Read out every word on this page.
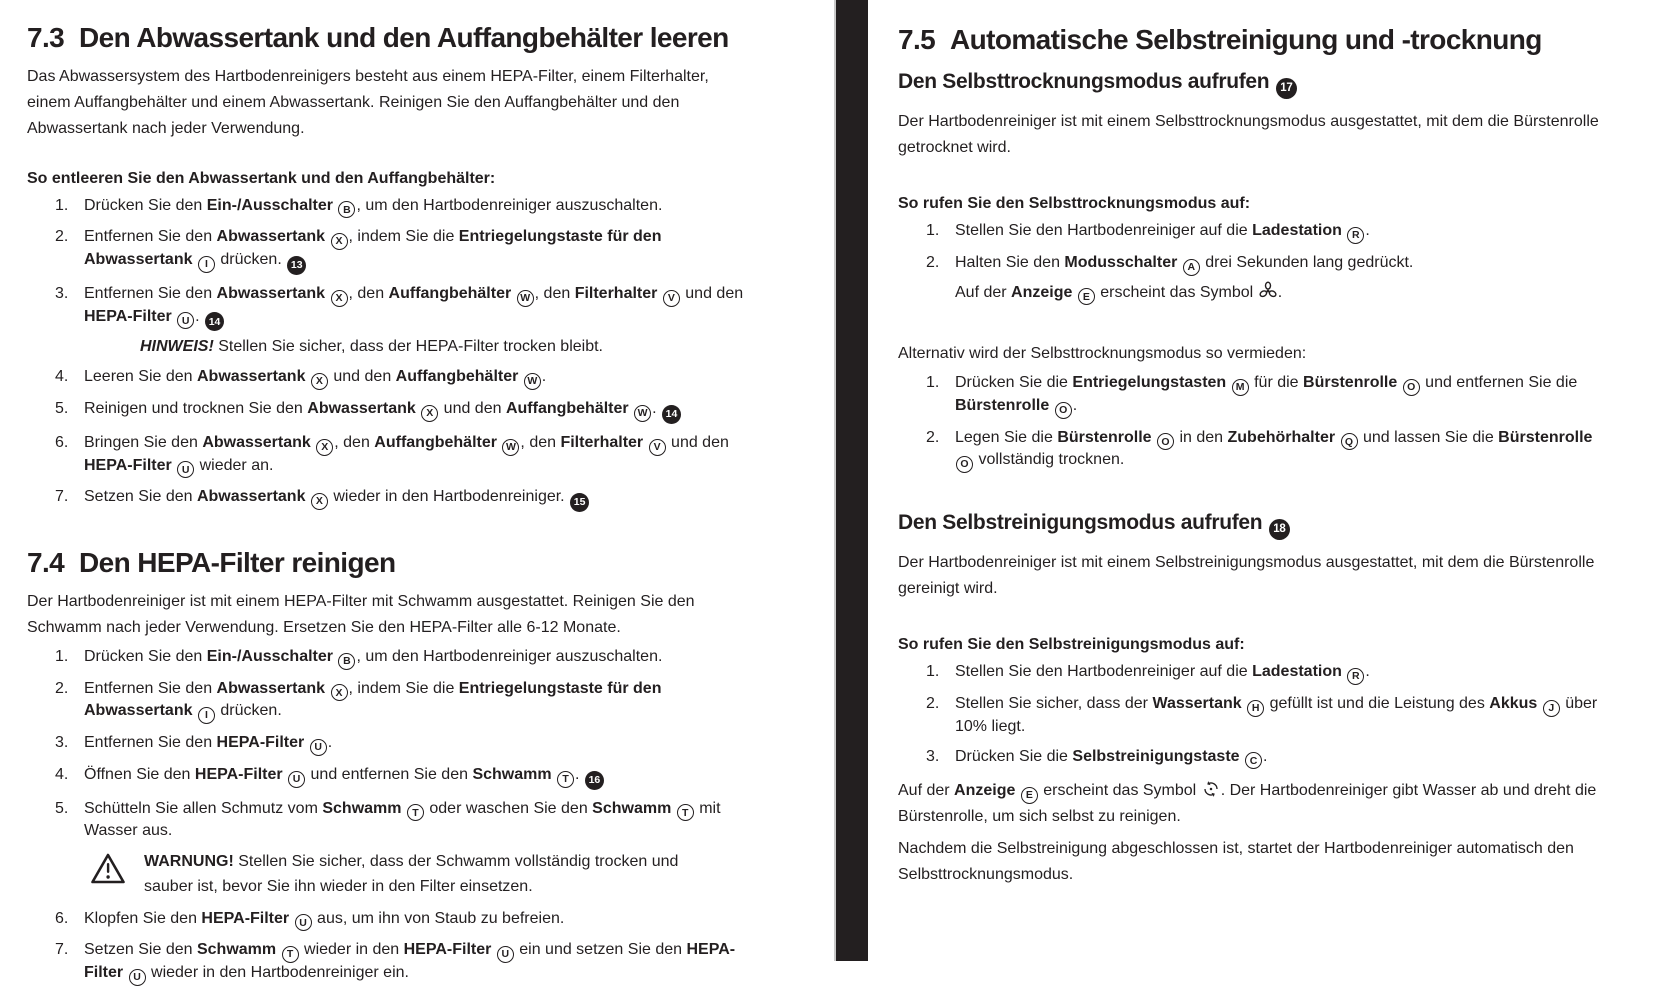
7.3 Den Abwassertank und den Auffangbehälter leeren

Das Abwassersystem des Hartbodenreinigers besteht aus einem HEPA-Filter, einem Filterhalter, einem Auffangbehälter und einem Abwassertank. Reinigen Sie den Auffangbehälter und den Abwassertank nach jeder Verwendung.

So entleeren Sie den Abwassertank und den Auffangbehälter:
Drücken Sie den Ein-/Ausschalter B , um den Hartbodenreiniger auszuschalten.
Entfernen Sie den Abwassertank X , indem Sie die Entriegelungstaste für den Abwassertank I drücken. 13
Entfernen Sie den Abwassertank X , den Auffangbehälter W , den Filterhalter V und den HEPA-Filter U . 14
HINWEIS! Stellen Sie sicher, dass der HEPA-Filter trocken bleibt.
Leeren Sie den Abwassertank X und den Auffangbehälter W .
Reinigen und trocknen Sie den Abwassertank X und den Auffangbehälter W . 14
Bringen Sie den Abwassertank X , den Auffangbehälter W , den Filterhalter V und den HEPA-Filter U wieder an.
Setzen Sie den Abwassertank X wieder in den Hartbodenreiniger. 15
7.4 Den HEPA-Filter reinigen

Der Hartbodenreiniger ist mit einem HEPA-Filter mit Schwamm ausgestattet. Reinigen Sie den Schwamm nach jeder Verwendung. Ersetzen Sie den HEPA-Filter alle 6-12 Monate.

Drücken Sie den Ein-/Ausschalter B , um den Hartbodenreiniger auszuschalten.
Entfernen Sie den Abwassertank X , indem Sie die Entriegelungstaste für den Abwassertank I drücken.
Entfernen Sie den HEPA-Filter U .
Öffnen Sie den HEPA-Filter U und entfernen Sie den Schwamm T . 16
Schütteln Sie allen Schmutz vom Schwamm T oder waschen Sie den Schwamm T mit Wasser aus.
WARNUNG! Stellen Sie sicher, dass der Schwamm vollständig trocken und sauber ist, bevor Sie ihn wieder in den Filter einsetzen.
Klopfen Sie den HEPA-Filter U aus, um ihn von Staub zu befreien.
Setzen Sie den Schwamm T wieder in den HEPA-Filter U ein und setzen Sie den HEPA-Filter U wieder in den Hartbodenreiniger ein.
7.5 Automatische Selbstreinigung und -trocknung
Den Selbsttrocknungsmodus aufrufen 17

Der Hartbodenreiniger ist mit einem Selbsttrocknungsmodus ausgestattet, mit dem die Bürstenrolle getrocknet wird.

So rufen Sie den Selbsttrocknungsmodus auf:
Stellen Sie den Hartbodenreiniger auf die Ladestation R .
Halten Sie den Modusschalter A drei Sekunden lang gedrückt.
Auf der Anzeige E erscheint das Symbol .

Alternativ wird der Selbsttrocknungsmodus so vermieden:

Drücken Sie die Entriegelungstasten M für die Bürstenrolle O und entfernen Sie die Bürstenrolle O .
Legen Sie die Bürstenrolle O in den Zubehörhalter Q und lassen Sie die Bürstenrolle O vollständig trocknen.
Den Selbstreinigungsmodus aufrufen 18

Der Hartbodenreiniger ist mit einem Selbstreinigungsmodus ausgestattet, mit dem die Bürstenrolle gereinigt wird.

So rufen Sie den Selbstreinigungsmodus auf:
Stellen Sie den Hartbodenreiniger auf die Ladestation R .
Stellen Sie sicher, dass der Wassertank H gefüllt ist und die Leistung des Akkus J über 10% liegt.
Drücken Sie die Selbstreinigungstaste C .

Auf der Anzeige E erscheint das Symbol . Der Hartbodenreiniger gibt Wasser ab und dreht die Bürstenrolle, um sich selbst zu reinigen.

Nachdem die Selbstreinigung abgeschlossen ist, startet der Hartbodenreiniger automatisch den Selbsttrocknungsmodus.
